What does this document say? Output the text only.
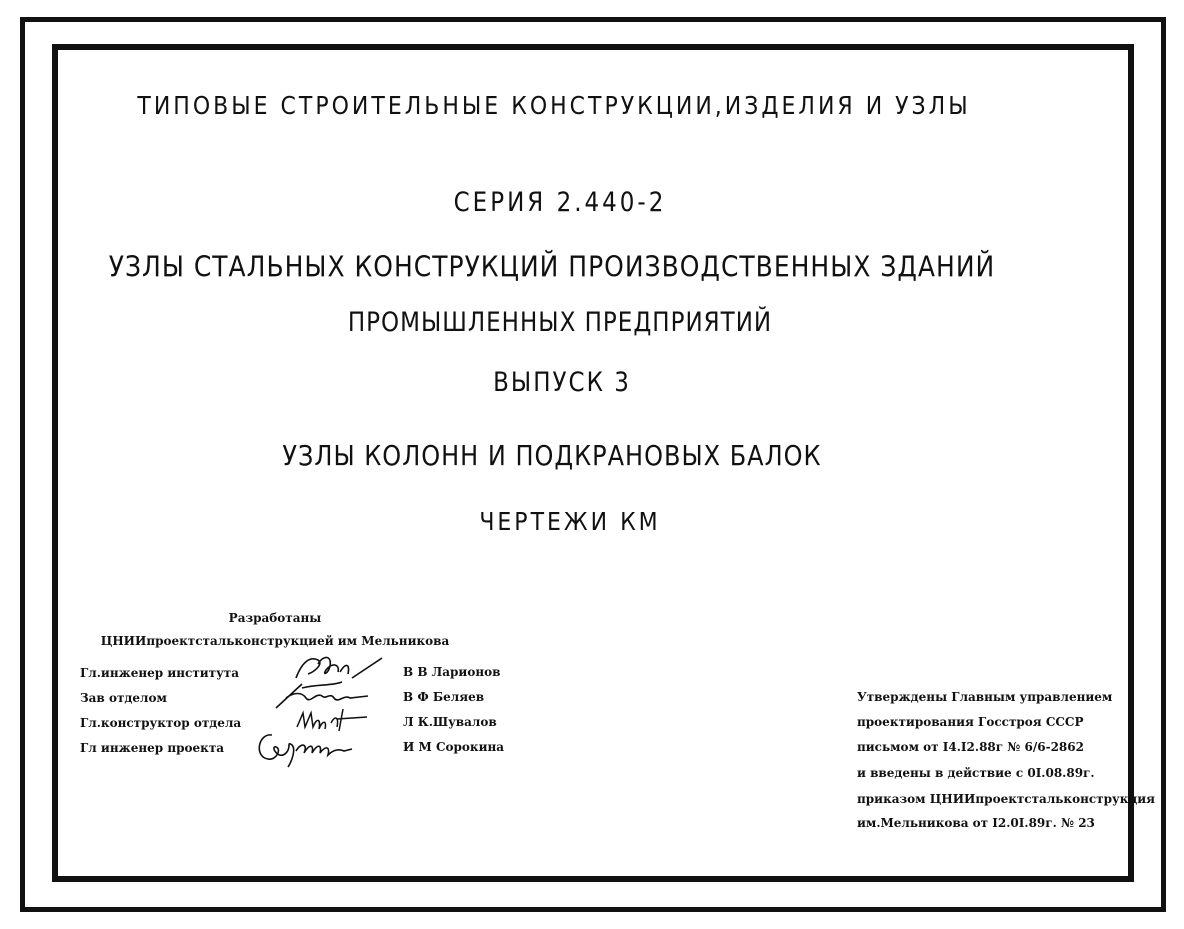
ТИПОВЫЕ СТРОИТЕЛЬНЫЕ КОНСТРУКЦИИ,ИЗДЕЛИЯ И УЗЛЫ
СЕРИЯ 2.440-2
УЗЛЫ СТАЛЬНЫХ КОНСТРУКЦИЙ ПРОИЗВОДСТВЕННЫХ ЗДАНИЙ
ПРОМЫШЛЕННЫХ ПРЕДПРИЯТИЙ
ВЫПУСК 3
УЗЛЫ КОЛОНН И ПОДКРАНОВЫХ БАЛОК
ЧЕРТЕЖИ КМ
Разработаны
ЦНИИпроектстальконструкцией им Мельникова
Гл.инженер института
Зав отделом
Гл.конструктор отдела
Гл инженер проекта
В В Ларионов
В Ф Беляев
Л К.Шувалов
И М Сорокина
Утверждены Главным управлением
проектирования Госстроя СССР
письмом от I4.I2.88г № 6/6-2862
и введены в действие с 0I.08.89г.
приказом ЦНИИпроектстальконструкция
им.Мельникова от I2.0I.89г. № 23
